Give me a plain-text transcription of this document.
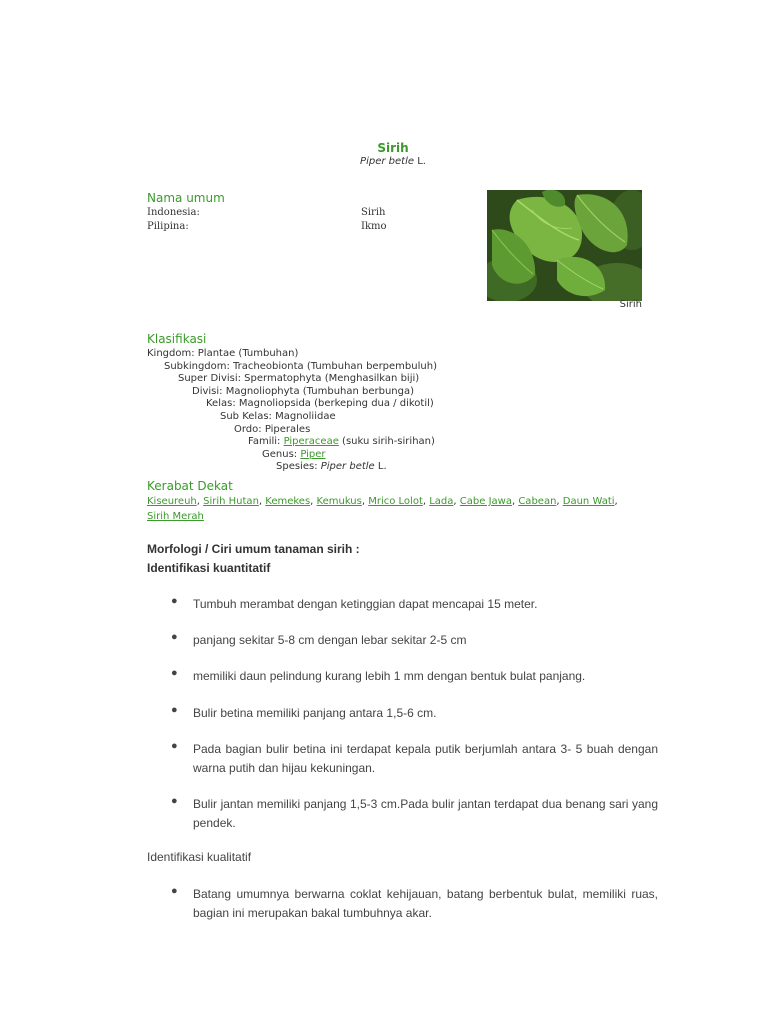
Sirih
Piper betle L.
Nama umum
Indonesia:	Sirih
Pilipina:	Ikmo
Sirih
Klasifikasi
Kingdom: Plantae (Tumbuhan)
Subkingdom: Tracheobionta (Tumbuhan berpembuluh)
Super Divisi: Spermatophyta (Menghasilkan biji)
Divisi: Magnoliophyta (Tumbuhan berbunga)
Kelas: Magnoliopsida (berkeping dua / dikotil)
Sub Kelas: Magnoliidae
Ordo: Piperales
Famili: Piperaceae (suku sirih-sirihan)
Genus: Piper
Spesies: Piper betle L.
Kerabat Dekat
Kiseureuh, Sirih Hutan, Kemekes, Kemukus, Mrico Lolot, Lada, Cabe Jawa, Cabean, Daun Wati, Sirih Merah
Morfologi / Ciri umum tanaman sirih :
Identifikasi kuantitatif
● Tumbuh merambat dengan ketinggian dapat mencapai 15 meter.
● panjang sekitar 5-8 cm dengan lebar sekitar 2-5 cm
● memiliki daun pelindung kurang lebih 1 mm dengan bentuk bulat panjang.
● Bulir betina memiliki panjang antara 1,5-6 cm.
● Pada bagian bulir betina ini terdapat kepala putik berjumlah antara 3- 5 buah dengan warna putih dan hijau kekuningan.
● Bulir jantan memiliki panjang 1,5-3 cm.Pada bulir jantan terdapat dua benang sari yang pendek.
Identifikasi kualitatif
● Batang umumnya berwarna coklat kehijauan, batang berbentuk bulat, memiliki ruas, bagian ini merupakan bakal tumbuhnya akar.
